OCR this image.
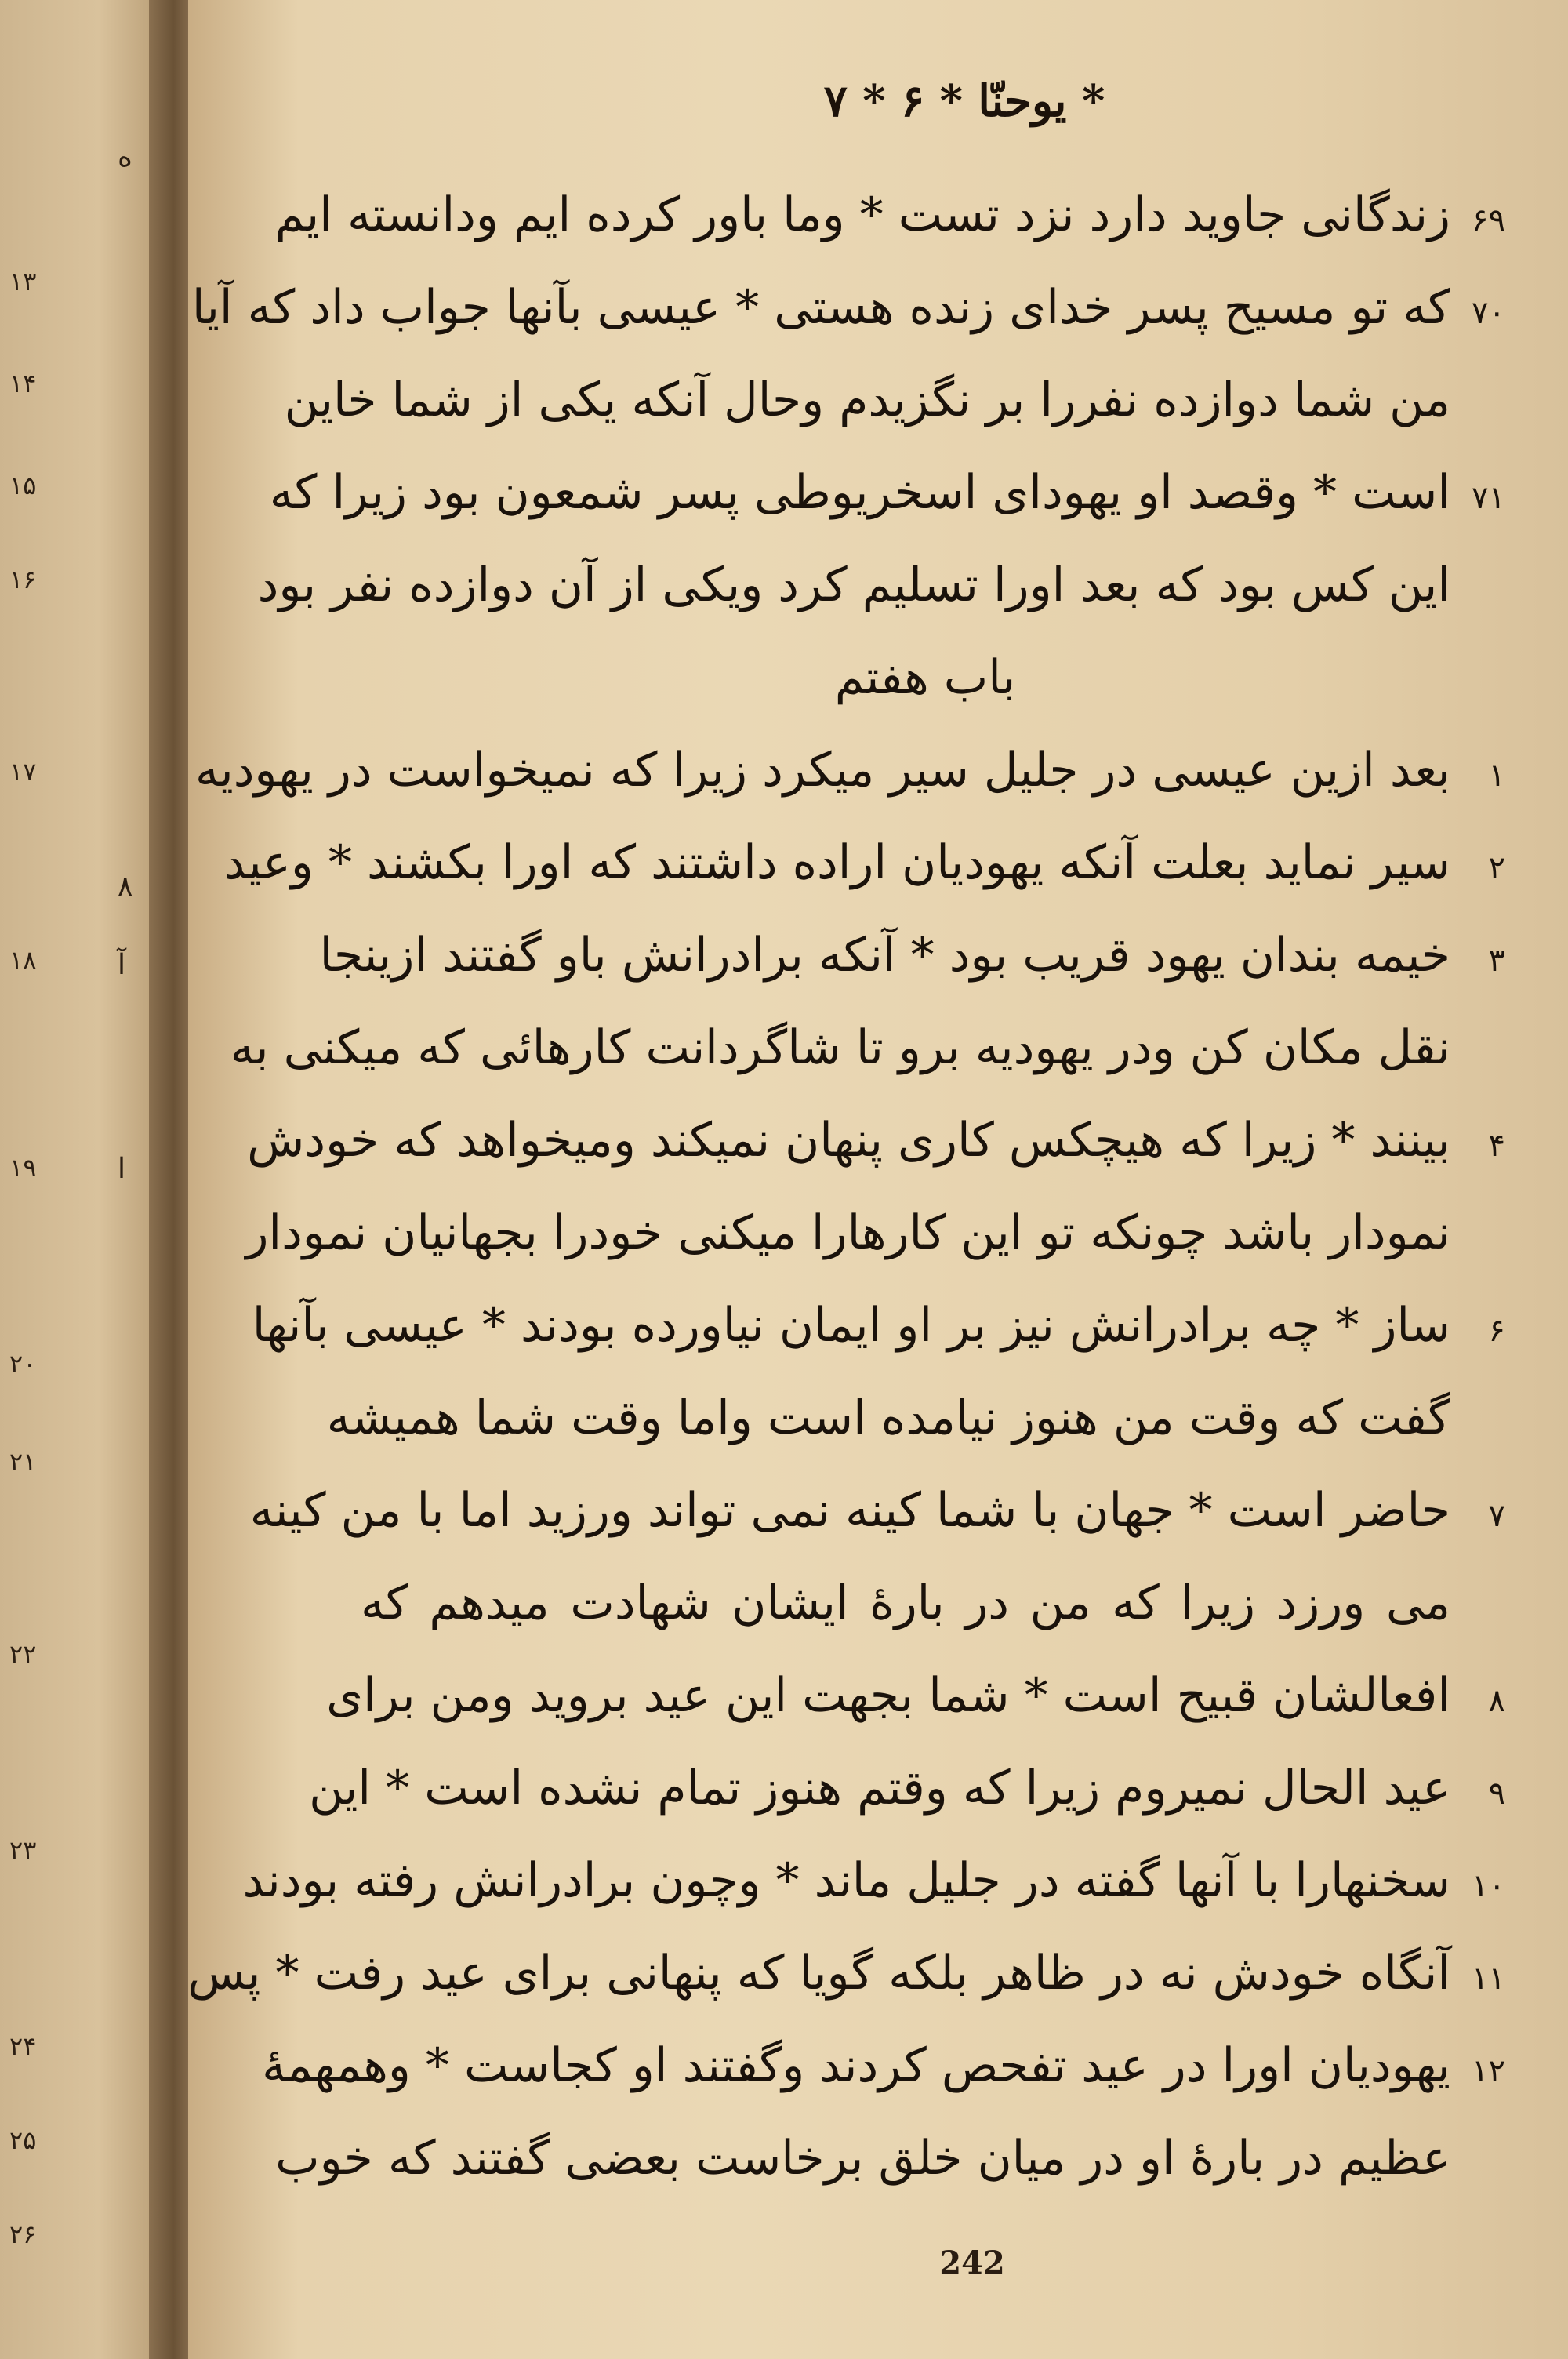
۱۳
۱۴
۱۵
۱۶
۱۷
۱۸
۱۹
۲۰
۲۱
۲۲
۲۳
۲۴
۲۵
۲۶
۸
آ
ا
ه
یوحنّا * ۶ * ۷ *
۶۹زندگانی جاوید دارد نزد تست * وما باور کرده ایم ودانسته ایم
۷۰که تو مسیح پسر خدای زنده هستی * عیسی بآنها جواب داد که آیا
من شما دوازده نفررا بر نگزیدم وحال آنکه یکی از شما خاین
۷۱است * وقصد او یهودای اسخریوطی پسر شمعون بود زیرا که
این کس بود که بعد اورا تسلیم کرد ویکی از آن دوازده نفر بود
باب هفتم
۱بعد ازین عیسی در جلیل سیر میکرد زیرا که نمیخواست در یهودیه
۲سیر نماید بعلت آنکه یهودیان اراده داشتند که اورا بکشند * وعید
۳خیمه بندان یهود قریب بود * آنکه برادرانش باو گفتند ازینجا
نقل مکان کن ودر یهودیه برو تا شاگردانت کارهائی که میکنی به
۴بینند * زیرا که هیچکس کاری پنهان نمیکند ومیخواهد که خودش
نمودار باشد چونکه تو این کارهارا میکنی خودرا بجهانیان نمودار
۶ساز * چه برادرانش نیز بر او ایمان نیاورده بودند * عیسی بآنها
گفت که وقت من هنوز نیامده است واما وقت شما همیشه
۷حاضر است * جهان با شما کینه نمی تواند ورزید اما با من کینه
می ورزد زیرا که من در بارهٔ ایشان شهادت میدهم که
۸افعالشان قبیح است * شما بجهت این عید بروید ومن برای
۹عید الحال نمیروم زیرا که وقتم هنوز تمام نشده است * این
۱۰سخنهارا با آنها گفته در جلیل ماند * وچون برادرانش رفته بودند
۱۱آنگاه خودش نه در ظاهر بلکه گویا که پنهانی برای عید رفت * پس
۱۲یهودیان اورا در عید تفحص کردند وگفتند او کجاست * وهمهمهٔ
عظیم در بارهٔ او در میان خلق برخاست بعضی گفتند که خوب
242
